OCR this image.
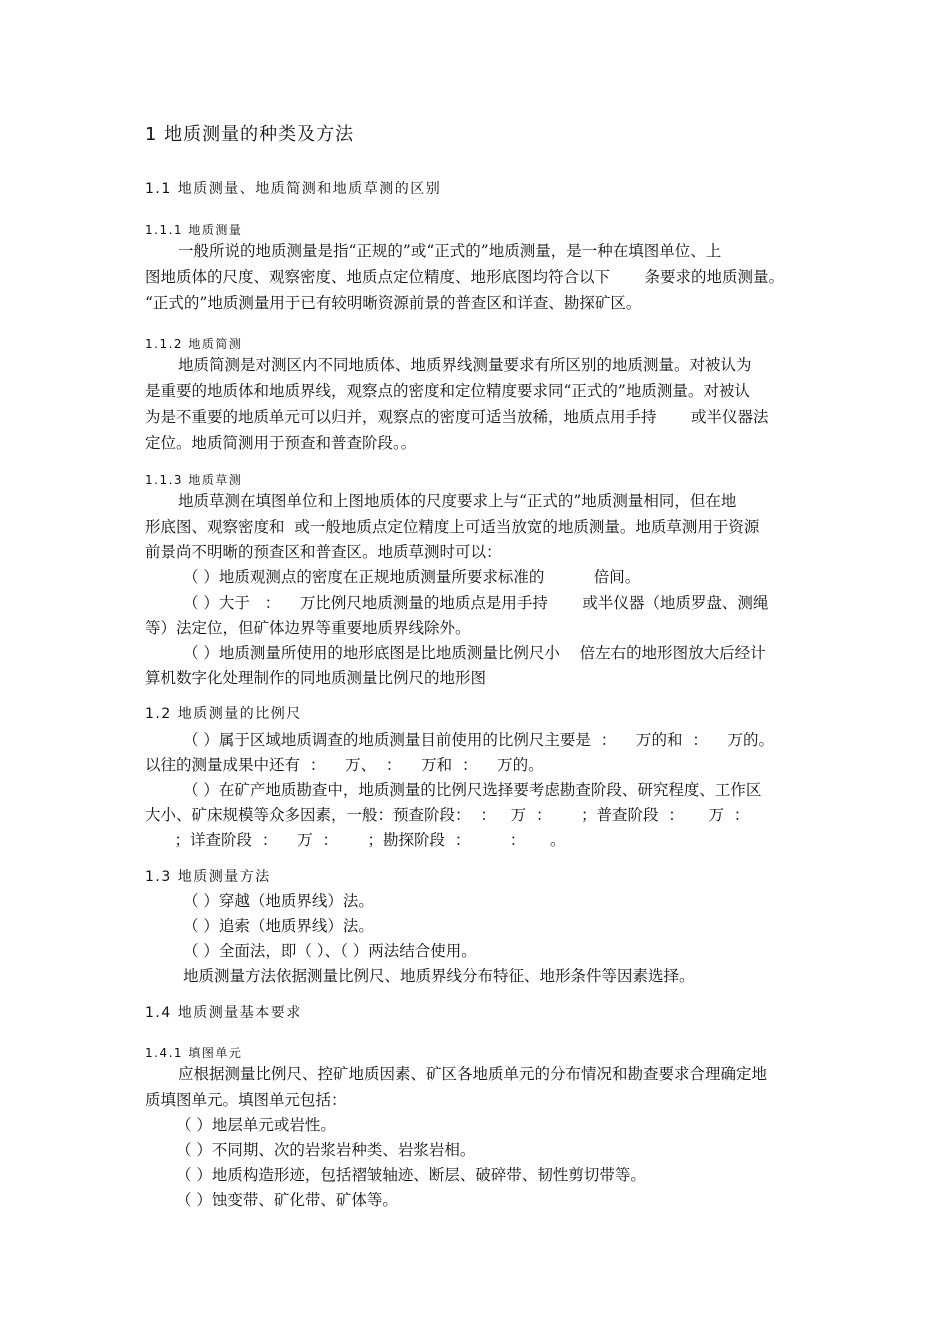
1 地质测量的种类及方法
1.1 地质测量、地质简测和地质草测的区别
1.1.1 地质测量
一般所说的地质测量是指“正规的”或“正式的”地质测量，是一种在填图单位、上
图地质体的尺度、观察密度、地质点定位精度、地形底图均符合以下       条要求的地质测量。
“正式的”地质测量用于已有较明晰资源前景的普查区和详查、勘探矿区。
1.1.2 地质简测
地质简测是对测区内不同地质体、地质界线测量要求有所区别的地质测量。对被认为
是重要的地质体和地质界线，观察点的密度和定位精度要求同“正式的”地质测量。对被认
为是不重要的地质单元可以归并，观察点的密度可适当放稀，地质点用手持       或半仪器法
定位。地质简测用于预查和普查阶段。。
1.1.3 地质草测
地质草测在填图单位和上图地质体的尺度要求上与“正式的”地质测量相同，但在地
形底图、观察密度和  或一般地质点定位精度上可适当放宽的地质测量。地质草测用于资源
前景尚不明晰的预查区和普查区。地质草测时可以：
（ ）地质观测点的密度在正规地质测量所要求标准的          倍间。
（ ）大于   ：    万比例尺地质测量的地质点是用手持       或半仪器（地质罗盘、测绳
等）法定位，但矿体边界等重要地质界线除外。
（ ）地质测量所使用的地形底图是比地质测量比例尺小    倍左右的地形图放大后经计
算机数字化处理制作的同地质测量比例尺的地形图
1.2 地质测量的比例尺
（ ）属于区域地质调查的地质测量目前使用的比例尺主要是  ：    万的和  ：    万的。
以往的测量成果中还有  ：    万、  ：    万和  ：    万的。
（ ）在矿产地质勘查中，地质测量的比例尺选择要考虑勘查阶段、研究程度、工作区
大小、矿床规模等众多因素，一般：预查阶段：  ：   万  ：      ；普查阶段  ：     万  ：
；详查阶段  ：    万  ：      ；勘探阶段  ：        ：     。
1.3 地质测量方法
（ ）穿越（地质界线）法。
（ ）追索（地质界线）法。
（ ）全面法，即（ ）、（ ）两法结合使用。
地质测量方法依据测量比例尺、地质界线分布特征、地形条件等因素选择。
1.4 地质测量基本要求
1.4.1 填图单元
应根据测量比例尺、控矿地质因素、矿区各地质单元的分布情况和勘查要求合理确定地
质填图单元。填图单元包括：
（ ）地层单元或岩性。
（ ）不同期、次的岩浆岩种类、岩浆岩相。
（ ）地质构造形迹，包括褶皱轴迹、断层、破碎带、韧性剪切带等。
（ ）蚀变带、矿化带、矿体等。
